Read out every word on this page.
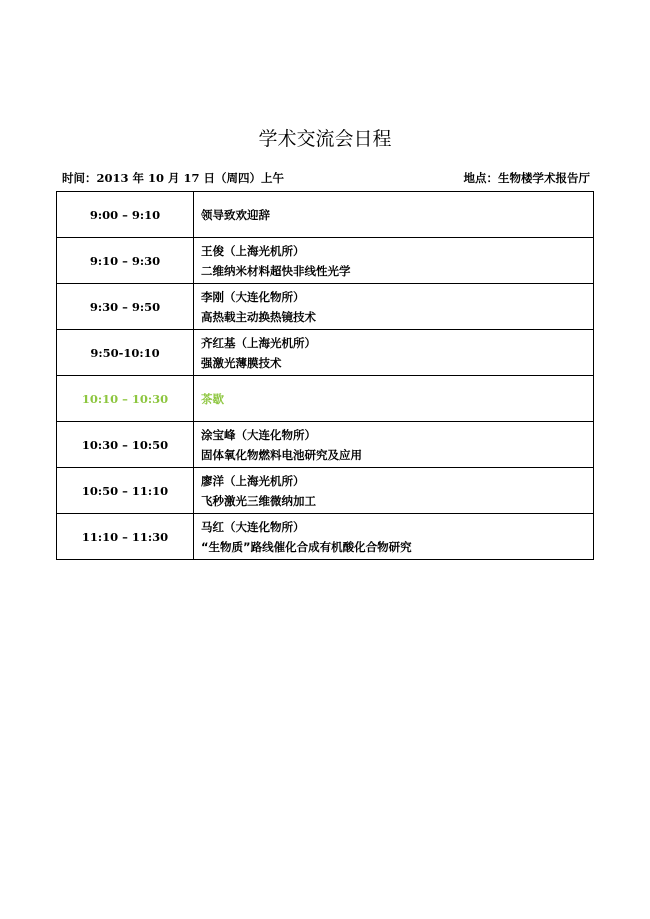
学术交流会日程
时间：2013 年 10 月 17 日（周四）上午	地点：生物楼学术报告厅
9:00 – 9:10	领导致欢迎辞

9:10 – 9:30	王俊（上海光机所）
二维纳米材料超快非线性光学

9:30 – 9:50	李刚（大连化物所）
高热载主动换热镜技术

9:50-10:10	齐红基（上海光机所）
强激光薄膜技术

10:10 – 10:30	茶歇

10:30 – 10:50	涂宝峰（大连化物所）
固体氧化物燃料电池研究及应用

10:50 – 11:10	廖洋（上海光机所）
飞秒激光三维微纳加工

11:10 – 11:30	马红（大连化物所）
“生物质”路线催化合成有机酸化合物研究
